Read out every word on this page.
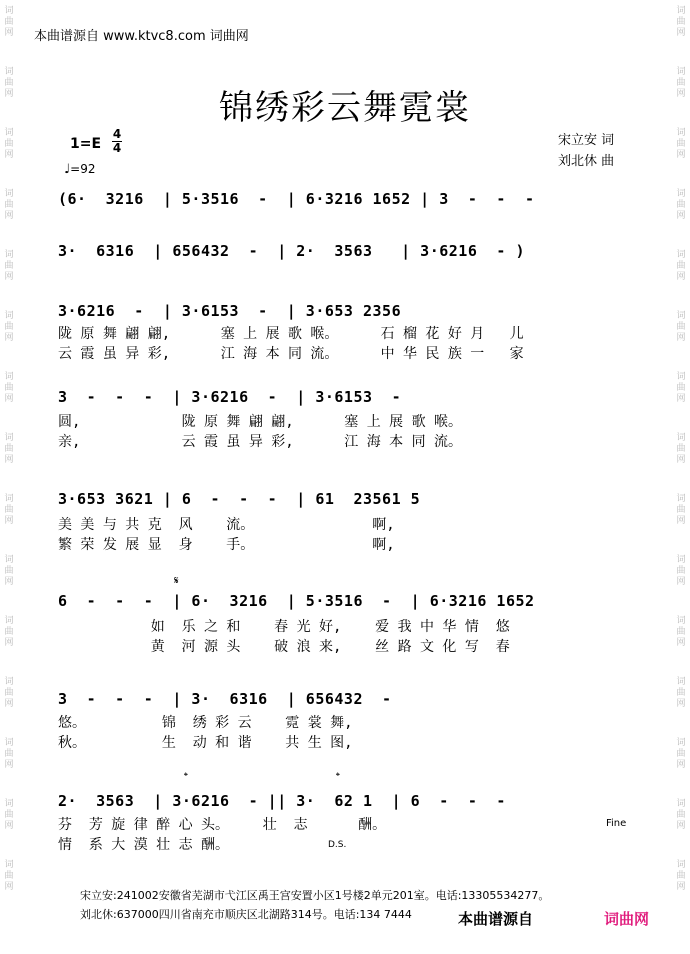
词
曲
网
词
曲
网
词
曲
网
词
曲
网
词
曲
网
词
曲
网
词
曲
网
词
曲
网
词
曲
网
词
曲
网
词
曲
网
词
曲
网
词
曲
网
词
曲
网
词
曲
网
词
曲
网
词
曲
网
词
曲
网
词
曲
网
词
曲
网
词
曲
网
词
曲
网
词
曲
网
词
曲
网
词
曲
网
词
曲
网
词
曲
网
词
曲
网
词
曲
网
词
曲
网
本曲谱源自 www.ktvc8.com 词曲网
锦绣彩云舞霓裳
1=E
4
4
♩=92
宋立安 词
刘北休 曲
(6·  3216  | 5·3516  -  | 6·3216 1652 | 3  -  -  -
3·  6316  | 656432  -  | 2·  3563   | 3·6216  - )
3·6216  -  | 3·6153  -  | 3·653 2356
陇 原 舞 翩 翩,      塞 上 展 歌 喉。     石 榴 花 好 月   儿
云 霞 虽 异 彩,      江 海 本 同 流。     中 华 民 族 一   家
3  -  -  -  | 3·6216  -  | 3·6153  -
圆,            陇 原 舞 翩 翩,      塞 上 展 歌 喉。
亲,            云 霞 虽 异 彩,      江 海 本 同 流。
3·653 3621 | 6  -  -  -  | 61  23561 5
美 美 与 共 克  风    流。              啊,
繁 荣 发 展 显  身    手。              啊,
𝄋
6  -  -  -  | 6·  3216  | 5·3516  -  | 6·3216 1652
如  乐 之 和    春 光 好,    爱 我 中 华 情  悠
黄  河 源 头    破 浪 来,    丝 路 文 化 写  春
3  -  -  -  | 3·  6316  | 656432  -
悠。         锦  绣 彩 云    霓 裳 舞,
秋。         生  动 和 谐    共 生 图,
𝄌	𝄌
2·  3563  | 3·6216  - || 3·  62 1  | 6  -  -  -
芬  芳 旋 律 醉 心 头。    壮  志      酬。
情  系 大 漠 壮 志 酬。
Fine
D.S.
宋立安:241002安徽省芜湖市弋江区禹王宫安置小区1号楼2单元201室。电话:13305534277。
刘北休:637000四川省南充市顺庆区北湖路314号。电话:134 7444	本曲谱源自	词曲网
